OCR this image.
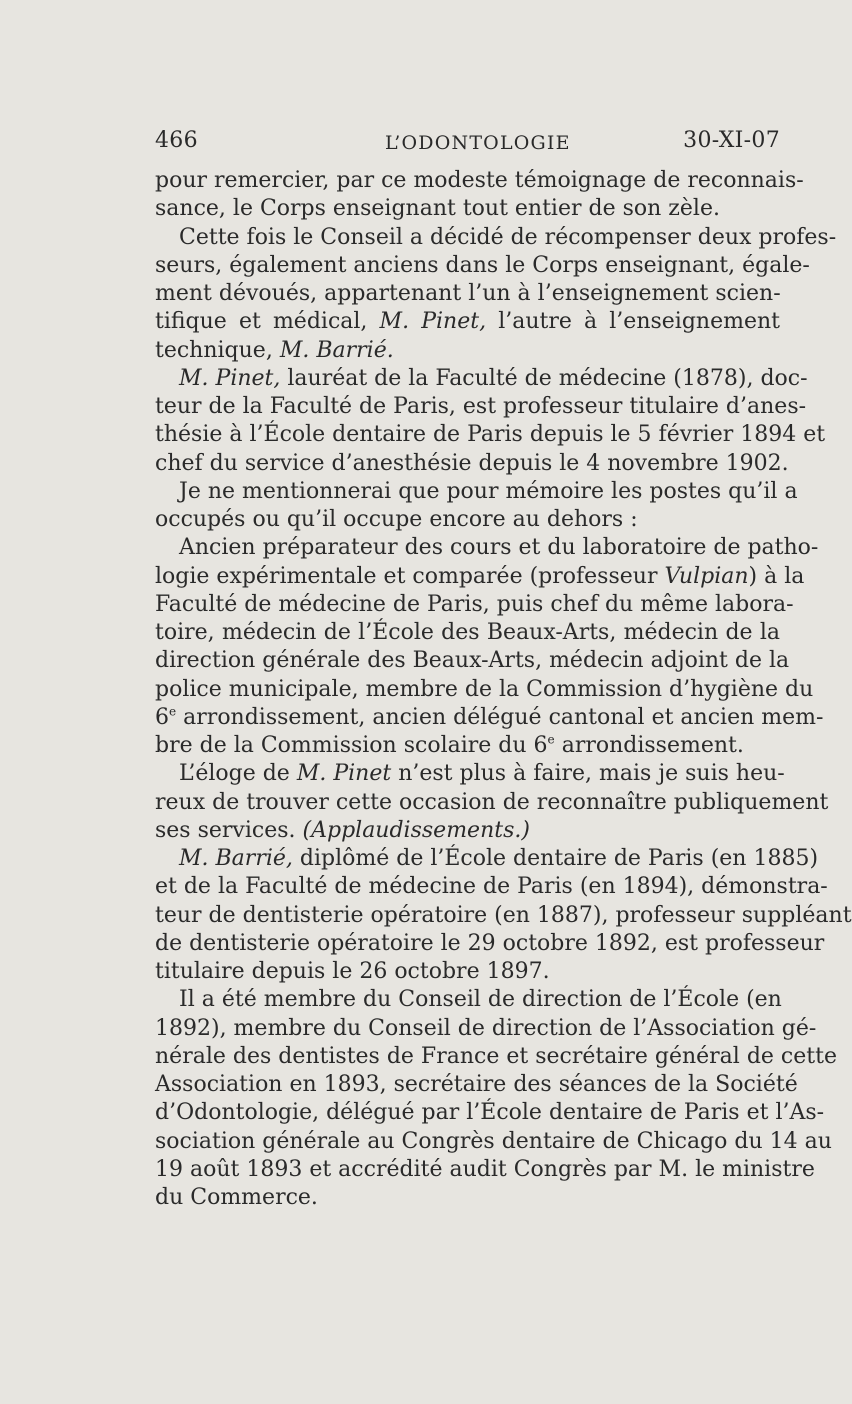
466	L’ODONTOLOGIE	30-XI-07
pour remercier, par ce modeste témoignage de reconnais-
sance, le Corps enseignant tout entier de son zèle.
Cette fois le Conseil a décidé de récompenser deux profes-
seurs, également anciens dans le Corps enseignant, égale-
ment dévoués, appartenant l’un à l’enseignement scien-
tifique et médical, M. Pinet, l’autre à l’enseignement
technique, M. Barrié.
M. Pinet, lauréat de la Faculté de médecine (1878), doc-
teur de la Faculté de Paris, est professeur titulaire d’anes-
thésie à l’École dentaire de Paris depuis le 5 février 1894 et
chef du service d’anesthésie depuis le 4 novembre 1902.
Je ne mentionnerai que pour mémoire les postes qu’il a
occupés ou qu’il occupe encore au dehors :
Ancien préparateur des cours et du laboratoire de patho-
logie expérimentale et comparée (professeur Vulpian) à la
Faculté de médecine de Paris, puis chef du même labora-
toire, médecin de l’École des Beaux-Arts, médecin de la
direction générale des Beaux-Arts, médecin adjoint de la
police municipale, membre de la Commission d’hygiène du
6e arrondissement, ancien délégué cantonal et ancien mem-
bre de la Commission scolaire du 6e arrondissement.
L’éloge de M. Pinet n’est plus à faire, mais je suis heu-
reux de trouver cette occasion de reconnaître publiquement
ses services. (Applaudissements.)
M. Barrié, diplômé de l’École dentaire de Paris (en 1885)
et de la Faculté de médecine de Paris (en 1894), démonstra-
teur de dentisterie opératoire (en 1887), professeur suppléant
de dentisterie opératoire le 29 octobre 1892, est professeur
titulaire depuis le 26 octobre 1897.
Il a été membre du Conseil de direction de l’École (en
1892), membre du Conseil de direction de l’Association gé-
nérale des dentistes de France et secrétaire général de cette
Association en 1893, secrétaire des séances de la Société
d’Odontologie, délégué par l’École dentaire de Paris et l’As-
sociation générale au Congrès dentaire de Chicago du 14 au
19 août 1893 et accrédité audit Congrès par M. le ministre
du Commerce.
